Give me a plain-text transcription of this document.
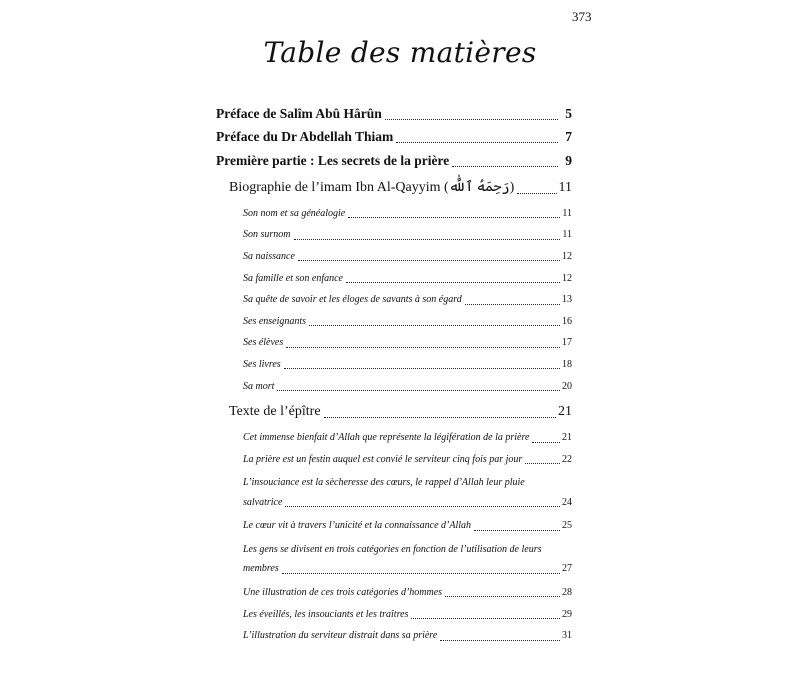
373
Table des matières
Préface de Salîm Abû Hârûn	5
Préface du Dr Abdellah Thiam	7
Première partie : Les secrets de la prière	9
Biographie de l’imam Ibn Al-Qayyim (رَحِمَهُ ٱللَّٰه)	11
Son nom et sa généalogie	11
Son surnom	11
Sa naissance	12
Sa famille et son enfance	12
Sa quête de savoir et les éloges de savants à son égard	13
Ses enseignants	16
Ses élèves	17
Ses livres	18
Sa mort	20
Texte de l’épître	21
Cet immense bienfait d’Allah que représente la légifération de la prière	21
La prière est un festin auquel est convié le serviteur cinq fois par jour	22
L’insouciance est la sècheresse des cœurs, le rappel d’Allah leur pluie
salvatrice	24
Le cœur vit à travers l’unicité et la connaissance d’Allah	25
Les gens se divisent en trois catégories en fonction de l’utilisation de leurs
membres	27
Une illustration de ces trois catégories d’hommes	28
Les éveillés, les insouciants et les traîtres	29
L’illustration du serviteur distrait dans sa prière	31
